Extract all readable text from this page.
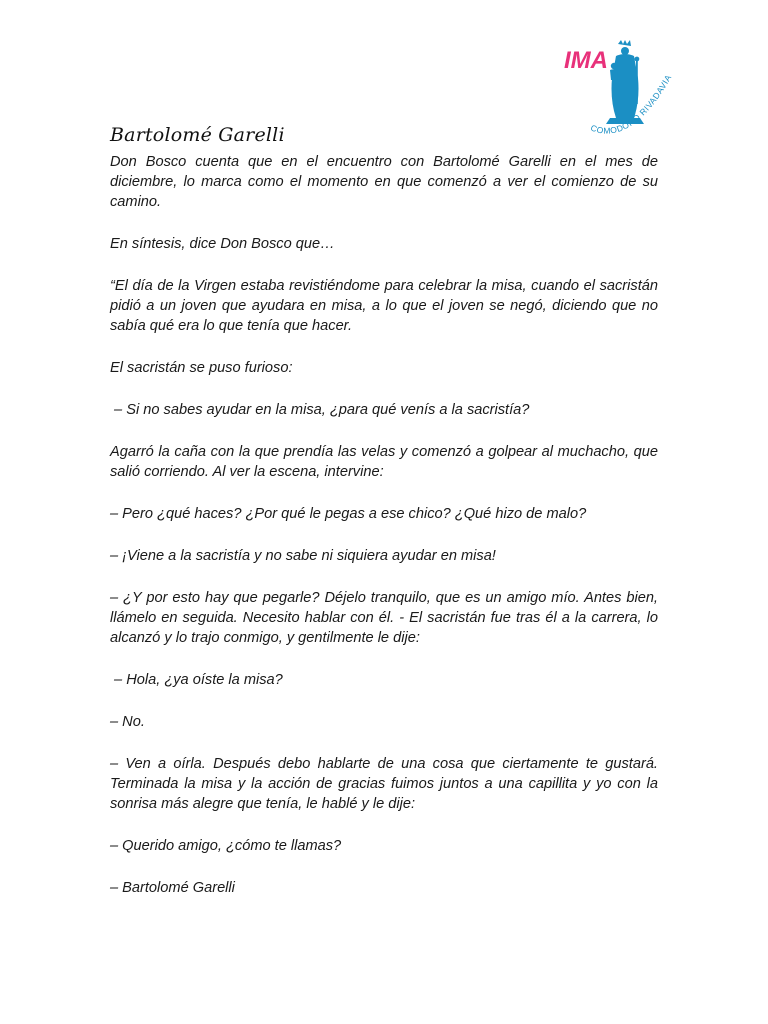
IMA
COMODORO RIVADAVIA
Bartolomé Garelli

Don Bosco cuenta que en el encuentro con Bartolomé Garelli en el mes de diciembre, lo marca como el momento en que comenzó a ver el comienzo de su camino.

En síntesis, dice Don Bosco que…

“El día de la Virgen estaba revistiéndome para celebrar la misa, cuando el sacristán pidió a un joven que ayudara en misa, a lo que el joven se negó, diciendo que no sabía qué era lo que tenía que hacer.

El sacristán se puso furioso:

– Si no sabes ayudar en la misa, ¿para qué venís a la sacristía?

Agarró la caña con la que prendía las velas y comenzó a golpear al muchacho, que salió corriendo. Al ver la escena, intervine:

– Pero ¿qué haces? ¿Por qué le pegas a ese chico? ¿Qué hizo de malo?

– ¡Viene a la sacristía y no sabe ni siquiera ayudar en misa!

– ¿Y por esto hay que pegarle? Déjelo tranquilo, que es un amigo mío. Antes bien, llámelo en seguida. Necesito hablar con él. - El sacristán fue tras él a la carrera, lo alcanzó y lo trajo conmigo, y gentilmente le dije:

– Hola, ¿ya oíste la misa?

– No.

– Ven a oírla. Después debo hablarte de una cosa que ciertamente te gustará. Terminada la misa y la acción de gracias fuimos juntos a una capillita y yo con la sonrisa más alegre que tenía, le hablé y le dije:

– Querido amigo, ¿cómo te llamas?

– Bartolomé Garelli
